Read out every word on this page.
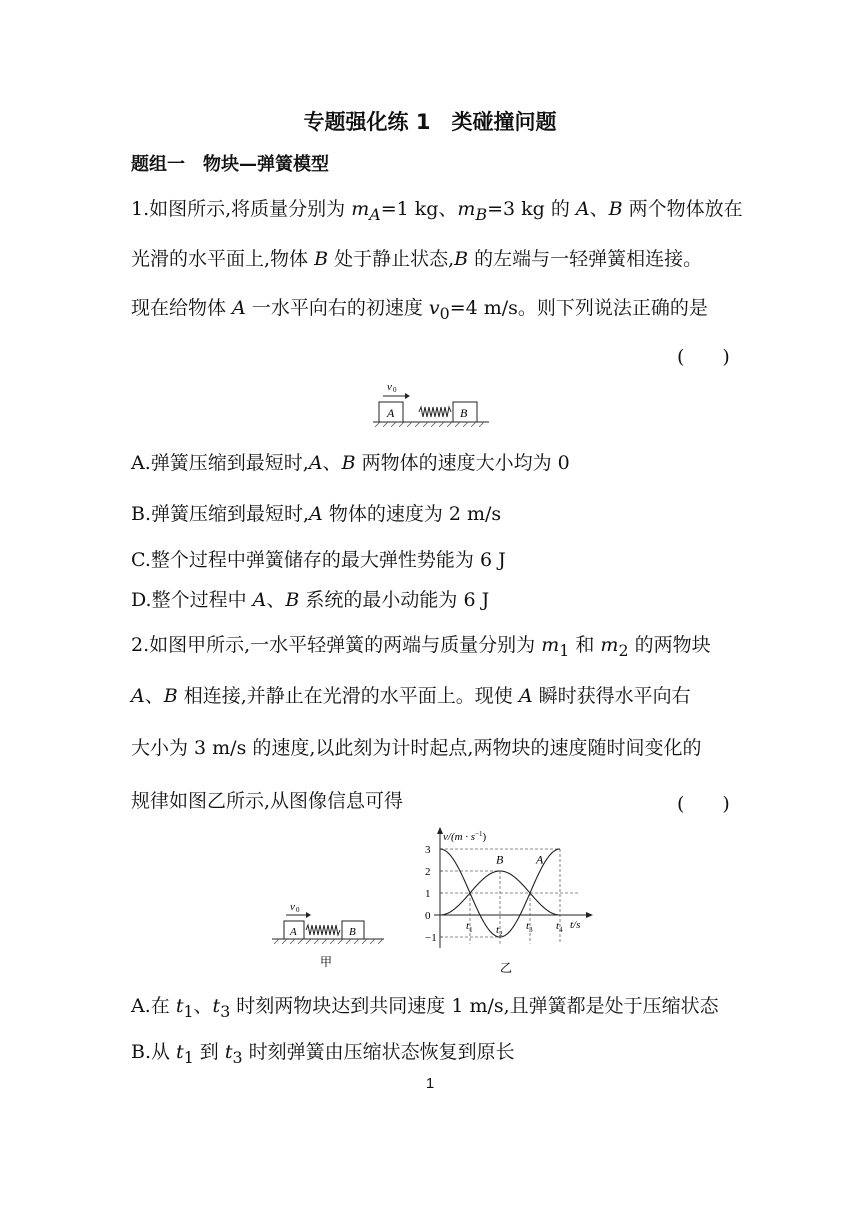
专题强化练 1　类碰撞问题
题组一　物块—弹簧模型
1.如图所示,将质量分别为 $m_A=1$ kg、$m_B=3$ kg 的 A、B 两个物体放在
光滑的水平面上,物体 B 处于静止状态,B 的左端与一轻弹簧相连接。
现在给物体 A 一水平向右的初速度 $v_0=4$ m/s。则下列说法正确的是
(　　)
v 0
A	B
A.弹簧压缩到最短时,A、B 两物体的速度大小均为 0
B.弹簧压缩到最短时,A 物体的速度为 2 m/s
C.整个过程中弹簧储存的最大弹性势能为 6 J
D.整个过程中 A、B 系统的最小动能为 6 J
2.如图甲所示,一水平轻弹簧的两端与质量分别为 $m_1$ 和 $m_2$ 的两物块
A、B 相连接,并静止在光滑的水平面上。现使 A 瞬时获得水平向右
大小为 3 m/s 的速度,以此刻为计时起点,两物块的速度随时间变化的
规律如图乙所示,从图像信息可得	(　　)
v 0
A	B
甲
$v/(m \cdot s^{-1})$
t/s
乙
3
2
1
0
−1
$t_1$ $t_2$
$t_3$ $t_4$
A
B
A.在 $t_1$、$t_3$ 时刻两物块达到共同速度 1 m/s,且弹簧都是处于压缩状态
B.从 $t_1$ 到 $t_3$ 时刻弹簧由压缩状态恢复到原长
1
